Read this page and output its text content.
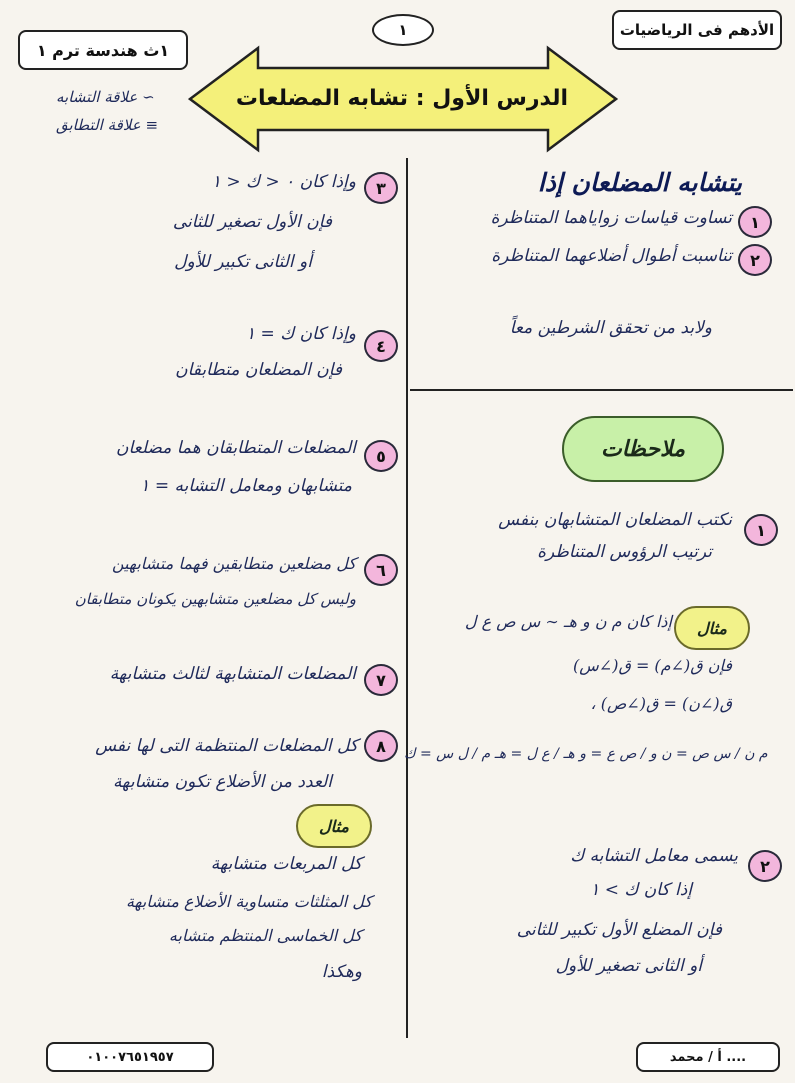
الأدهم فى الرياضيات
١
١ث هندسة ترم ١
الدرس الأول : تشابه المضلعات
علاقة التشابه ∽
علاقة التطابق ≡
يتشابه المضلعان إذا
١
تساوت قياسات زواياهما المتناظرة
٢
تناسبت أطوال أضلاعهما المتناظرة
ولابد من تحقق الشرطين معاً
ملاحظات
١
نكتب المضلعان المتشابهان بنفس
ترتيب الرؤوس المتناظرة
مثال
إذا كان م ن و هـ ∽ س ص ع ل
فإن ق(∠م) = ق(∠س)
، ق(∠ن) = ق(∠ص)
م ن / س ص = ن و / ص ع = و هـ / ع ل = هـ م / ل س = ك
٢
يسمى معامل التشابه ك
إذا كان ك > ١
فإن المضلع الأول تكبير للثانى
أو الثانى تصغير للأول
٣
وإذا كان ٠ < ك < ١
فإن الأول تصغير للثانى
أو الثانى تكبير للأول
٤
وإذا كان ك = ١
فإن المضلعان متطابقان
٥
المضلعات المتطابقان هما مضلعان
متشابهان ومعامل التشابه = ١
٦
كل مضلعين متطابقين فهما متشابهين
وليس كل مضلعين متشابهين يكونان متطابقان
٧
المضلعات المتشابهة لثالث متشابهة
٨
كل المضلعات المنتظمة التى لها نفس
العدد من الأضلاع تكون متشابهة
مثال
كل المربعات متشابهة
كل المثلثات متساوية الأضلاع متشابهة
كل الخماسى المنتظم متشابه
وهكذا
أ / محمد ....
٠١٠٠٧٦٥١٩٥٧
